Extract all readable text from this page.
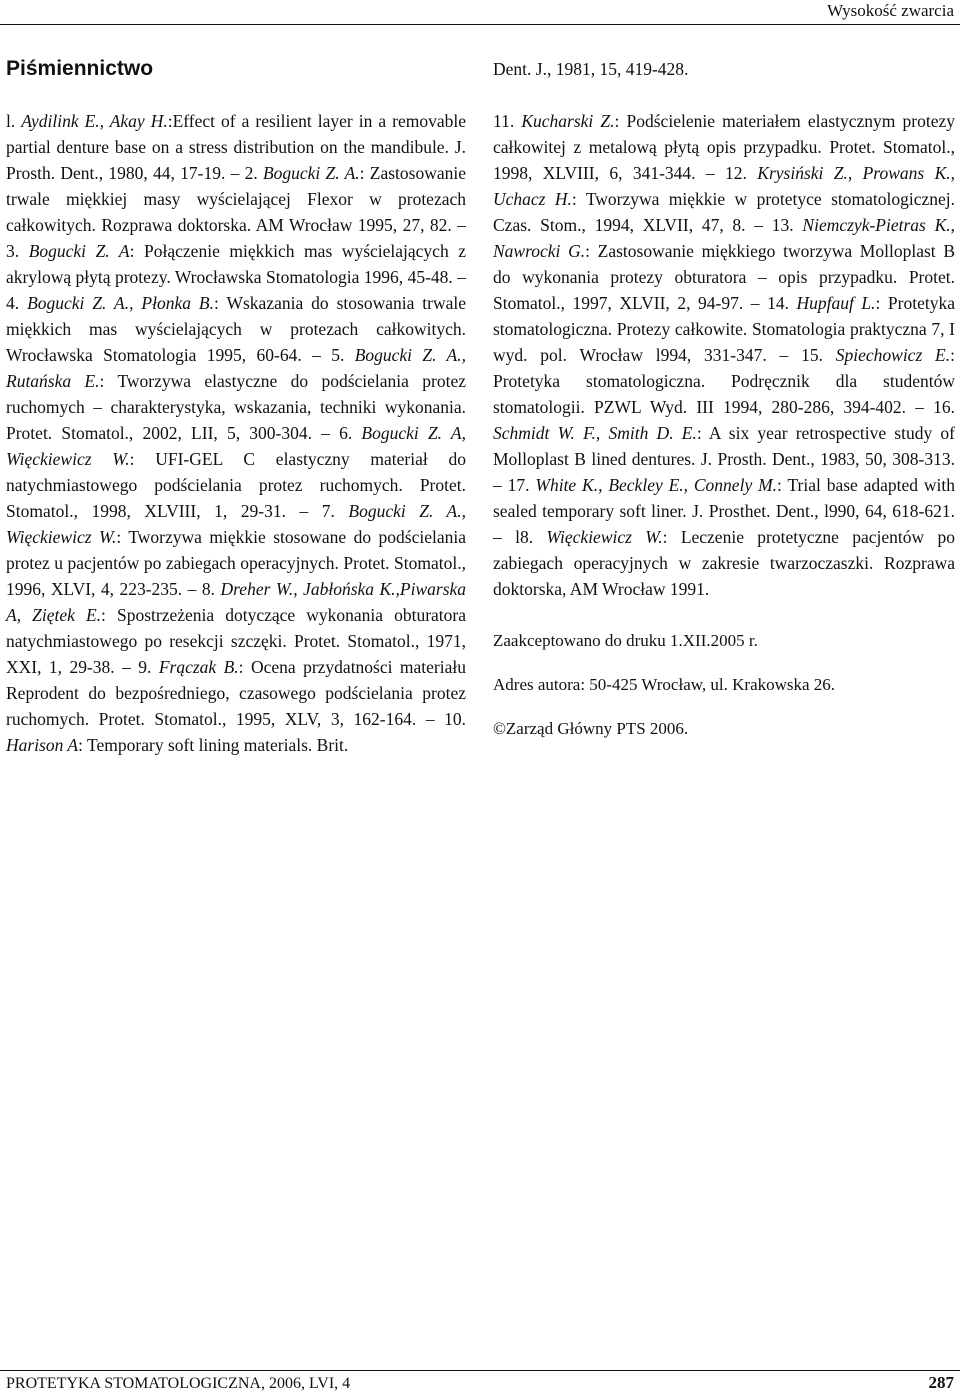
Wysokość zwarcia
Piśmiennictwo

l. Aydilink E., Akay H.:Effect of a resilient layer in a removable partial denture base on a stress distribution on the mandibule. J. Prosth. Dent., 1980, 44, 17-19. – 2. Bogucki Z. A.: Zastosowanie trwale miękkiej masy wyścielającej Flexor w protezach całkowitych. Rozprawa doktorska. AM Wrocław 1995, 27, 82. – 3. Bogucki Z. A: Połączenie miękkich mas wyścielających z akrylową płytą protezy. Wrocławska Stomatologia 1996, 45-48. – 4. Bogucki Z. A., Płonka B.: Wskazania do stosowania trwale miękkich mas wyścielających w protezach całkowitych. Wrocławska Stomatologia 1995, 60-64. – 5. Bogucki Z. A., Rutańska E.: Tworzywa elastyczne do podścielania protez ruchomych – charakterystyka, wskazania, techniki wykonania. Protet. Stomatol., 2002, LII, 5, 300-304. – 6. Bogucki Z. A, Więckiewicz W.: UFI-GEL C elastyczny materiał do natychmiastowego podścielania protez ruchomych. Protet. Stomatol., 1998, XLVIII, 1, 29-31. – 7. Bogucki Z. A., Więckiewicz W.: Tworzywa miękkie stosowane do podścielania protez u pacjentów po zabiegach operacyjnych. Protet. Stomatol., 1996, XLVI, 4, 223-235. – 8. Dreher W., Jabłońska K.,Piwarska A, Ziętek E.: Spostrzeżenia dotyczące wykonania obturatora natychmiastowego po resekcji szczęki. Protet. Stomatol., 1971, XXI, 1, 29-38. – 9. Frączak B.: Ocena przydatności materiału Reprodent do bezpośredniego, czasowego podścielania protez ruchomych. Protet. Stomatol., 1995, XLV, 3, 162-164. – 10. Harison A: Temporary soft lining materials. Brit.

Dent. J., 1981, 15, 419-428.

11. Kucharski Z.: Podścielenie materiałem elastycznym protezy całkowitej z metalową płytą opis przypadku. Protet. Stomatol., 1998, XLVIII, 6, 341-344. – 12. Krysiński Z., Prowans K., Uchacz H.: Tworzywa miękkie w protetyce stomatologicznej. Czas. Stom., 1994, XLVII, 47, 8. – 13. Niemczyk-Pietras K., Nawrocki G.: Zastosowanie miękkiego tworzywa Molloplast B do wykonania protezy obturatora – opis przypadku. Protet. Stomatol., 1997, XLVII, 2, 94-97. – 14. Hupfauf L.: Protetyka stomatologiczna. Protezy całkowite. Stomatologia praktyczna 7, I wyd. pol. Wrocław l994, 331-347. – 15. Spiechowicz E.: Protetyka stomatologiczna. Podręcznik dla studentów stomatologii. PZWL Wyd. III 1994, 280-286, 394-402. – 16. Schmidt W. F., Smith D. E.: A six year retrospective study of Molloplast B lined dentures. J. Prosth. Dent., 1983, 50, 308-313. – 17. White K., Beckley E., Connely M.: Trial base adapted with sealed temporary soft liner. J. Prosthet. Dent., l990, 64, 618-621. – l8. Więckiewicz W.: Leczenie protetyczne pacjentów po zabiegach operacyjnych w zakresie twarzoczaszki. Rozprawa doktorska, AM Wrocław 1991.

Zaakceptowano do druku 1.XII.2005 r.

Adres autora: 50-425 Wrocław, ul. Krakowska 26.

©Zarząd Główny PTS 2006.

PROTETYKA STOMATOLOGICZNA, 2006, LVI, 4	287
